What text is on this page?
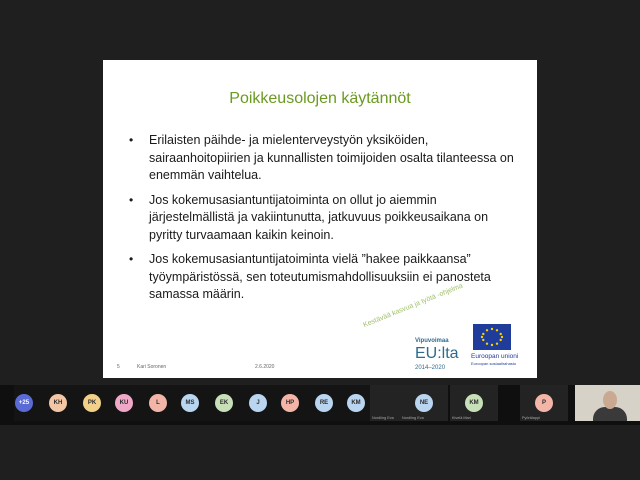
Poikkeusolojen käytännöt
• Erilaisten päihde- ja mielenterveystyön yksiköiden, sairaanhoitopiirien ja kunnallisten toimijoiden osalta tilanteessa on enemmän vaihtelua.
• Jos kokemusasiantuntijatoiminta on ollut jo aiemmin järjestelmällistä ja vakiintunutta, jatkuvuus poikkeusaikana on pyritty turvaamaan kaikin keinoin.
• Jos kokemusasiantuntijatoiminta vielä ”hakee paikkaansa” työympäristössä, sen toteutumismahdollisuuksiin ei panosteta samassa määrin.
5	Kari Soronen	2.6.2020
Kestävää kasvua ja työtä -ohjelma
Vipuvoimaa
EU:lta
2014–2020
Euroopan unioni
Euroopan sosiaalirahasto
+25	KH	PK	KU	L	MS	EK	J	HP	RE	KM
Nordling Eva
NE
Nordling Eva
KM
Kivelä Mari
P
Pyörälappi
